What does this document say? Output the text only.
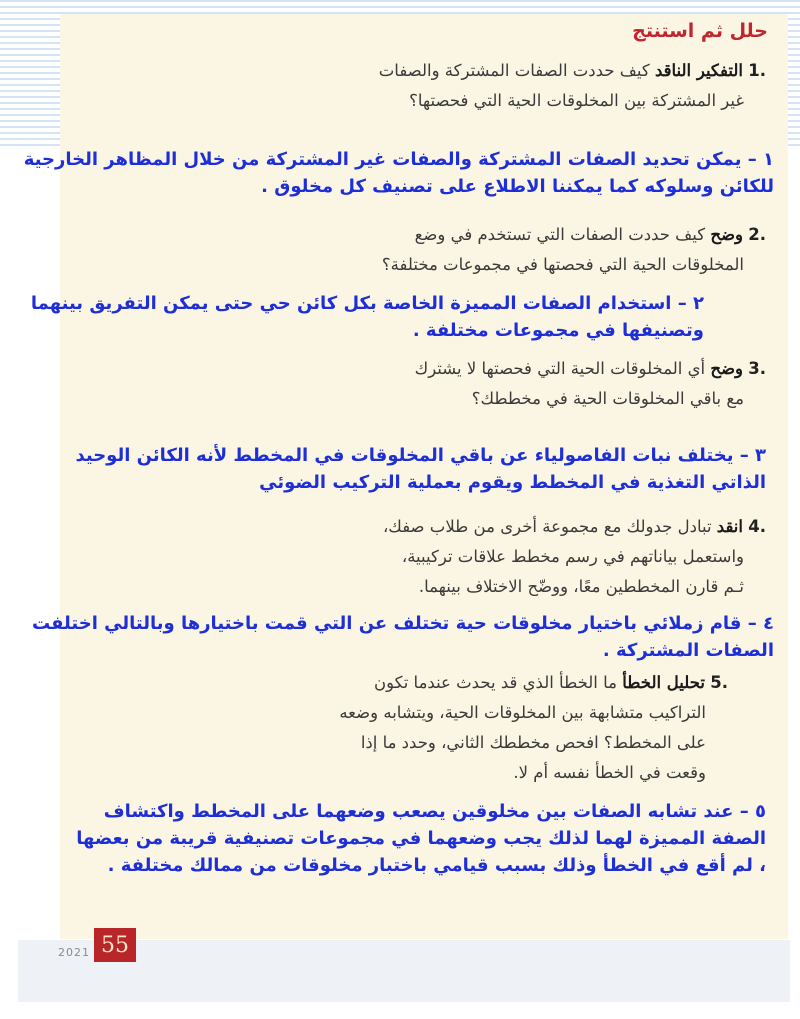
حلل ثم استنتج
.1 التفكير الناقد كيف حددت الصفات المشتركة والصفات
غير المشتركة بين المخلوقات الحية التي فحصتها؟
١ – يمكن تحديد الصفات المشتركة والصفات غير المشتركة من خلال المظاهر الخارجية
للكائن وسلوكه كما يمكننا الاطلاع على تصنيف كل مخلوق .
.2 وضح كيف حددت الصفات التي تستخدم في وضع
المخلوقات الحية التي فحصتها في مجموعات مختلفة؟
٢ – استخدام الصفات المميزة الخاصة بكل كائن حي حتى يمكن التفريق بينهما
وتصنيفها في مجموعات مختلفة .
.3 وضح أي المخلوقات الحية التي فحصتها لا يشترك
مع باقي المخلوقات الحية في مخططك؟
٣ – يختلف نبات الفاصولياء عن باقي المخلوقات في المخطط لأنه الكائن الوحيد
الذاتي التغذية في المخطط ويقوم بعملية التركيب الضوئي
.4 انقد تبادل جدولك مع مجموعة أخرى من طلاب صفك،
واستعمل بياناتهم في رسم مخطط علاقات تركيبية،
ثـم قارن المخططين معًا، ووضّح الاختلاف بينهما.
٤ – قام زملائي باختيار مخلوقات حية تختلف عن التي قمت باختيارها وبالتالي اختلفت
الصفات المشتركة .
.5 تحليل الخطأ ما الخطأ الذي قد يحدث عندما تكون
التراكيب متشابهة بين المخلوقات الحية، ويتشابه وضعه
على المخطط؟ افحص مخططك الثاني، وحدد ما إذا
وقعت في الخطأ نفسه أم لا.
٥ – عند تشابه الصفات بين مخلوقين يصعب وضعهما على المخطط واكتشاف
الصفة المميزة لهما لذلك يجب وضعهما في مجموعات تصنيفية قريبة من بعضها
، لم أقع في الخطأ وذلك بسبب قيامي باختبار مخلوقات من ممالك مختلفة .
2021 55
